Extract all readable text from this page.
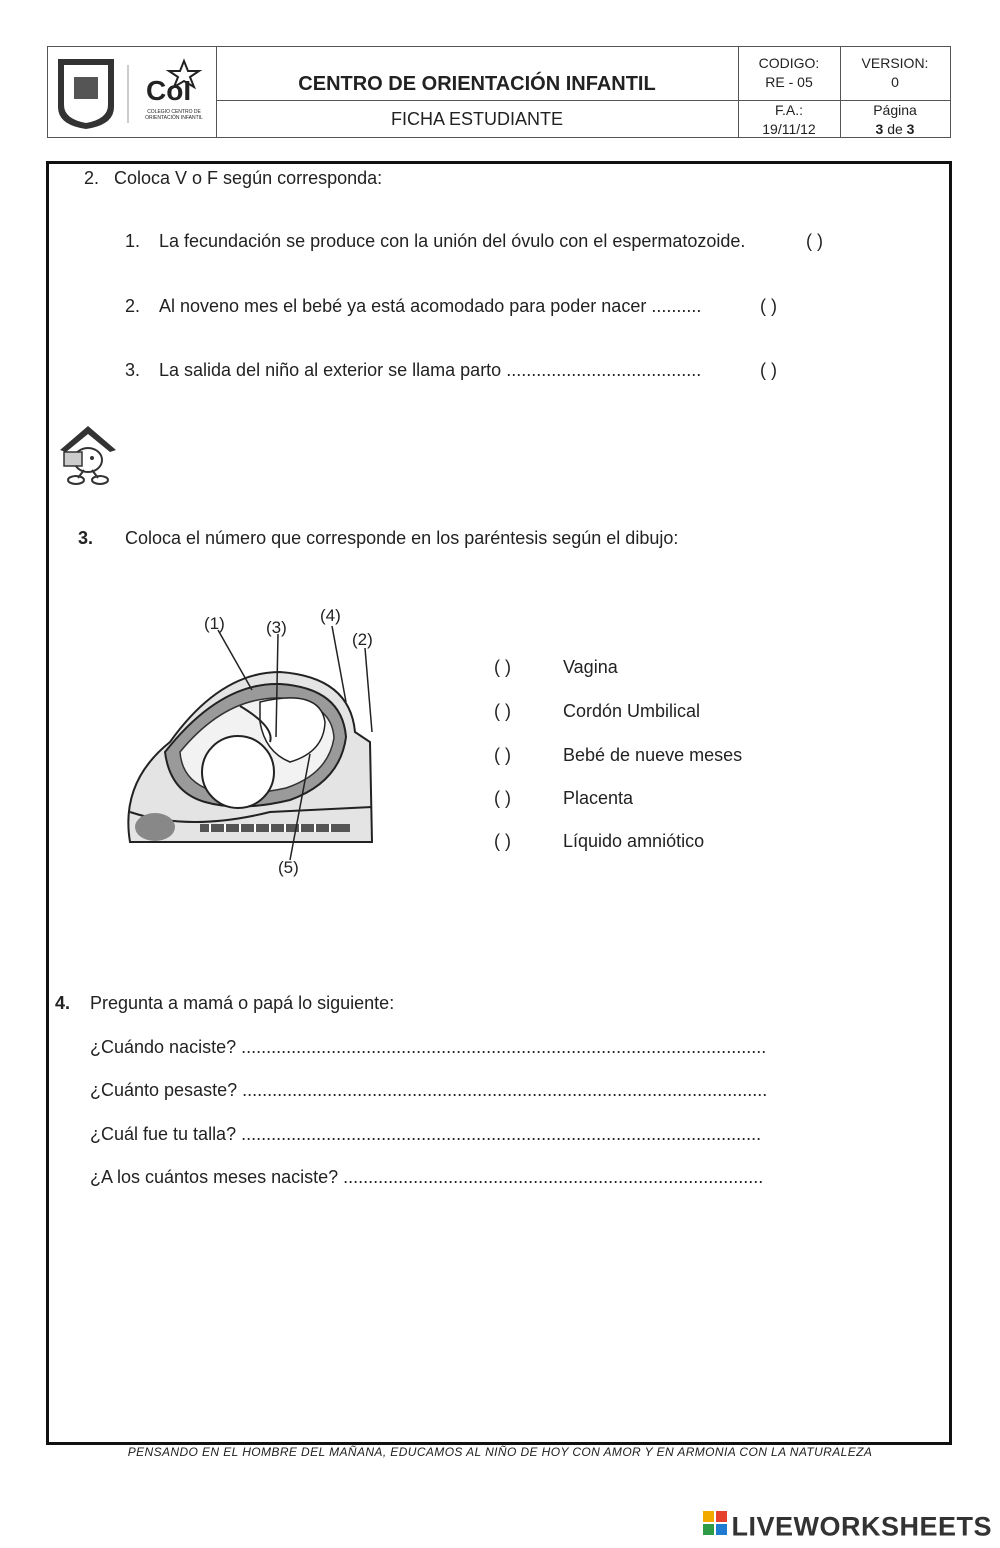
CoI
COLEGIO CENTRO DE ORIENTACIÓN INFANTIL
CENTRO DE ORIENTACIÓN INFANTIL
FICHA ESTUDIANTE
CODIGO:
RE - 05
VERSION:
0
F.A.:
19/11/12
Página
3 de 3
2. Coloca V o F según corresponda:
1. La fecundación se produce con la unión del óvulo con el espermatozoide.	( )
2. Al noveno mes el bebé ya está acomodado para poder nacer ..........	( )
3. La salida del niño al exterior se llama parto .......................................	( )
3. Coloca el número que corresponde en los paréntesis según el dibujo:
(1) (3)
(4)
(2)
(5)
( )	Vagina
( )	Cordón Umbilical
( )	Bebé de nueve meses
( )	Placenta
( )	Líquido amniótico
4. Pregunta a mamá o papá lo siguiente:
¿Cuándo naciste? .........................................................................................................
¿Cuánto pesaste? .........................................................................................................
¿Cuál fue tu talla? ........................................................................................................
¿A los cuántos meses naciste? ....................................................................................
PENSANDO EN EL HOMBRE DEL MAÑANA, EDUCAMOS AL NIÑO DE HOY CON AMOR Y EN ARMONIA CON LA NATURALEZA
LIVEWORKSHEETS
